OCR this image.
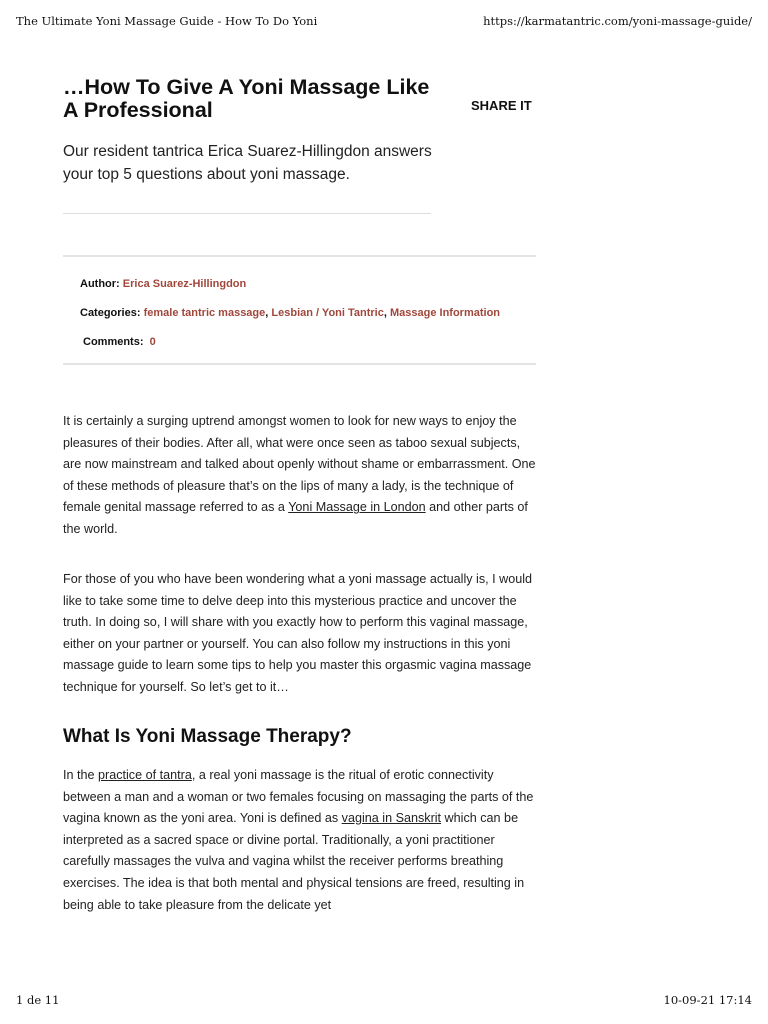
The Ultimate Yoni Massage Guide - How To Do Yoni	https://karmatantric.com/yoni-massage-guide/
…How To Give A Yoni Massage Like A Professional	SHARE IT

Our resident tantrica Erica Suarez-Hillingdon answers your top 5 questions about yoni massage.

Author: Erica Suarez-Hillingdon
Categories: female tantric massage, Lesbian / Yoni Tantric, Massage Information
Comments: 0

It is certainly a surging uptrend amongst women to look for new ways to enjoy the pleasures of their bodies. After all, what were once seen as taboo sexual subjects, are now mainstream and talked about openly without shame or embarrassment. One of these methods of pleasure that’s on the lips of many a lady, is the technique of female genital massage referred to as a Yoni Massage in London and other parts of the world.

For those of you who have been wondering what a yoni massage actually is, I would like to take some time to delve deep into this mysterious practice and uncover the truth. In doing so, I will share with you exactly how to perform this vaginal massage, either on your partner or yourself. You can also follow my instructions in this yoni massage guide to learn some tips to help you master this orgasmic vagina massage technique for yourself. So let’s get to it…

What Is Yoni Massage Therapy?

In the practice of tantra, a real yoni massage is the ritual of erotic connectivity between a man and a woman or two females focusing on massaging the parts of the vagina known as the yoni area. Yoni is defined as vagina in Sanskrit which can be interpreted as a sacred space or divine portal. Traditionally, a yoni practitioner carefully massages the vulva and vagina whilst the receiver performs breathing exercises. The idea is that both mental and physical tensions are freed, resulting in being able to take pleasure from the delicate yet

1 de 11	10-09-21 17:14
